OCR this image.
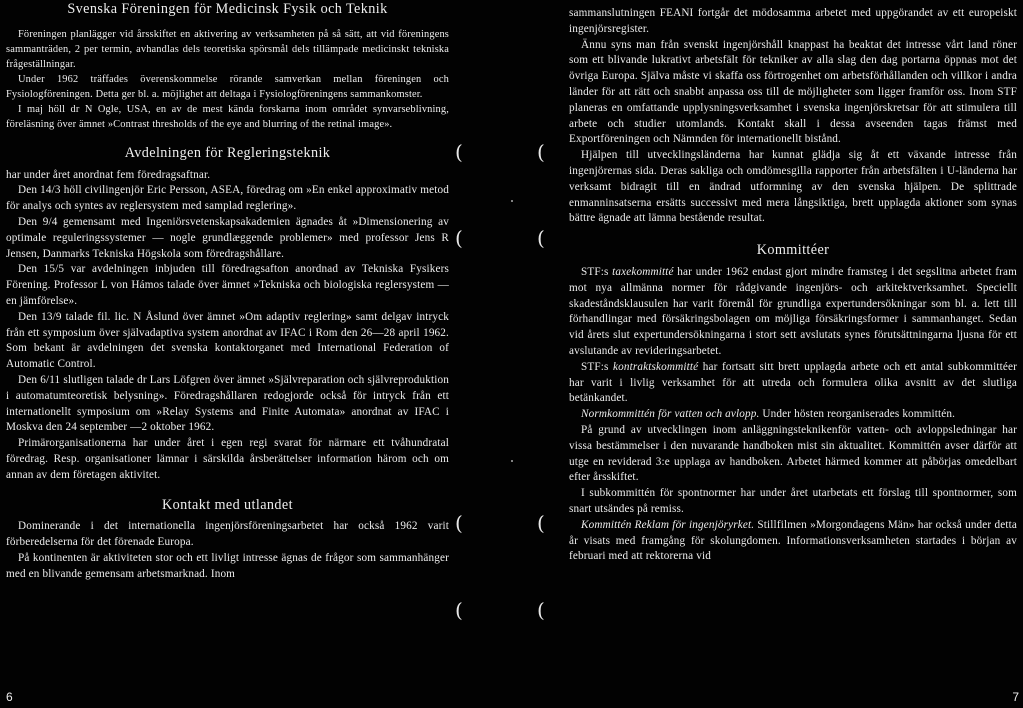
Svenska Föreningen för Medicinsk Fysik och Teknik

Föreningen planlägger vid årsskiftet en aktivering av verksamheten på så sätt, att vid föreningens sammanträden, 2 per termin, avhandlas dels teoretiska spörsmål dels tillämpade medicinskt tekniska frågeställningar.

Under 1962 träffades överenskommelse rörande samverkan mellan föreningen och Fysiologföreningen. Detta ger bl. a. möjlighet att deltaga i Fysiologföreningens sammankomster.

I maj höll dr N Ogle, USA, en av de mest kända forskarna inom området synvarseblivning, föreläsning över ämnet »Contrast thresholds of the eye and blurring of the retinal image».

Avdelningen för Regleringsteknik

har under året anordnat fem föredragsaftnar.

Den 14/3 höll civilingenjör Eric Persson, ASEA, föredrag om »En enkel approximativ metod för analys och syntes av reglersystem med samplad reglering».

Den 9/4 gemensamt med Ingeniörsvetenskapsakademien ägnades åt »Dimensionering av optimale reguleringssystemer — nogle grundlæggende problemer» med professor Jens R Jensen, Danmarks Tekniska Högskola som föredragshållare.

Den 15/5 var avdelningen inbjuden till föredragsafton anordnad av Tekniska Fysikers Förening. Professor L von Hámos talade över ämnet »Tekniska och biologiska reglersystem — en jämförelse».

Den 13/9 talade fil. lic. N Åslund över ämnet »Om adaptiv reglering» samt delgav intryck från ett symposium över självadaptiva system anordnat av IFAC i Rom den 26—28 april 1962. Som bekant är avdelningen det svenska kontaktorganet med International Federation of Automatic Control.

Den 6/11 slutligen talade dr Lars Löfgren över ämnet »Självreparation och självreproduktion i automatumteoretisk belysning». Föredragshållaren redogjorde också för intryck från ett internationellt symposium om »Relay Systems and Finite Automata» anordnat av IFAC i Moskva den 24 september —2 oktober 1962.

Primärorganisationerna har under året i egen regi svarat för närmare ett tvåhundratal föredrag. Resp. organisationer lämnar i särskilda årsberättelser information härom och om annan av dem företagen aktivitet.

Kontakt med utlandet

Dominerande i det internationella ingenjörsföreningsarbetet har också 1962 varit förberedelserna för det förenade Europa.

På kontinenten är aktiviteten stor och ett livligt intresse ägnas de frågor som sammanhänger med en blivande gemensam arbetsmarknad. Inom

(
(
(
(
6
(
(
(
(

sammanslutningen FEANI fortgår det mödosamma arbetet med uppgörandet av ett europeiskt ingenjörsregister.

Ännu syns man från svenskt ingenjörshåll knappast ha beaktat det intresse vårt land röner som ett blivande lukrativt arbetsfält för tekniker av alla slag den dag portarna öppnas mot det övriga Europa. Själva måste vi skaffa oss förtrogenhet om arbetsförhållanden och villkor i andra länder för att rätt och snabbt anpassa oss till de möjligheter som ligger framför oss. Inom STF planeras en omfattande upplysningsverksamhet i svenska ingenjörskretsar för att stimulera till arbete och studier utomlands. Kontakt skall i dessa avseenden tagas främst med Exportföreningen och Nämnden för internationellt bistånd.

Hjälpen till utvecklingsländerna har kunnat glädja sig åt ett växande intresse från ingenjörernas sida. Deras sakliga och omdömesgilla rapporter från arbetsfälten i U-länderna har verksamt bidragit till en ändrad utformning av den svenska hjälpen. De splittrade enmanninsatserna ersätts successivt med mera långsiktiga, brett upplagda aktioner som synas bättre ägnade att lämna bestående resultat.

Kommittéer

STF:s taxekommitté har under 1962 endast gjort mindre framsteg i det segslitna arbetet fram mot nya allmänna normer för rådgivande ingenjörs- och arkitektverksamhet. Speciellt skadeståndsklausulen har varit föremål för grundliga expertundersökningar som bl. a. lett till förhandlingar med försäkringsbolagen om möjliga försäkringsformer i sammanhanget. Sedan vid årets slut expertundersökningarna i stort sett avslutats synes förutsättningarna ljusna för ett avslutande av revideringsarbetet.

STF:s kontraktskommitté har fortsatt sitt brett upplagda arbete och ett antal subkommittéer har varit i livlig verksamhet för att utreda och formulera olika avsnitt av det slutliga betänkandet.

Normkommittén för vatten och avlopp. Under hösten reorganiserades kommittén.

På grund av utvecklingen inom anläggningsteknikenför vatten- och avloppsledningar har vissa bestämmelser i den nuvarande handboken mist sin aktualitet. Kommittén avser därför att utge en reviderad 3:e upplaga av handboken. Arbetet härmed kommer att påbörjas omedelbart efter årsskiftet.

I subkommittén för spontnormer har under året utarbetats ett förslag till spontnormer, som snart utsändes på remiss.

Kommittén Reklam för ingenjöryrket. Stillfilmen »Morgondagens Män» har också under detta år visats med framgång för skolungdomen. Informationsverksamheten startades i början av februari med att rektorerna vid

7
